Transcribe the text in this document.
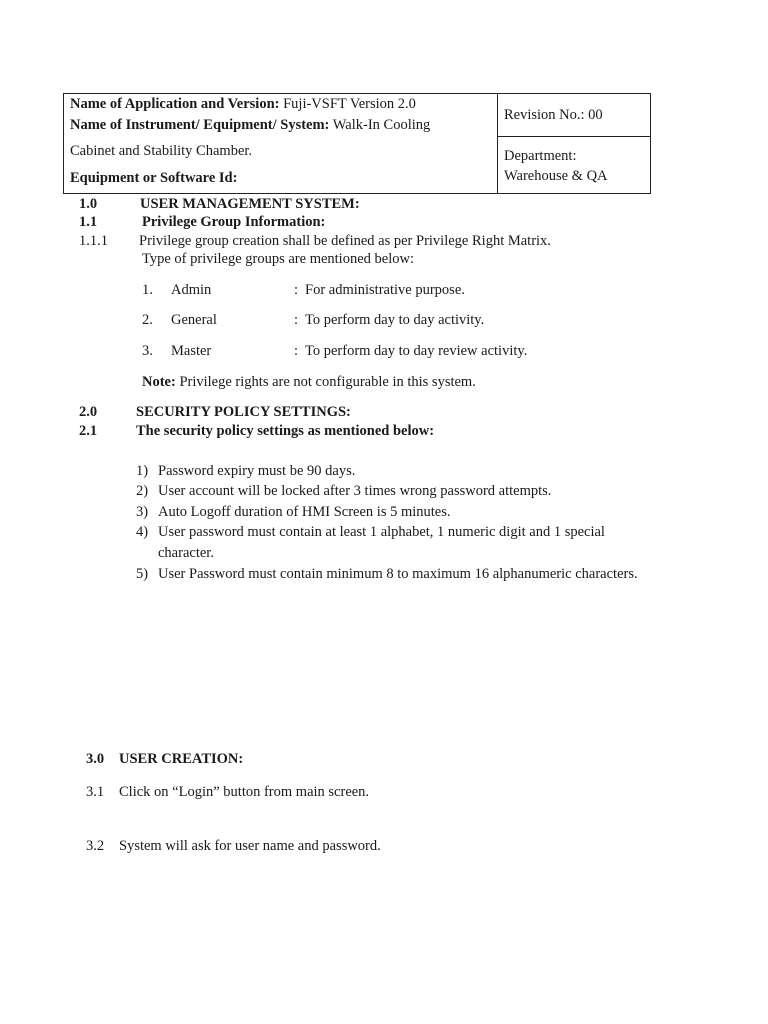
Name of Application and Version: Fuji-VSFT Version 2.0
Name of Instrument/ Equipment/ System: Walk-In Cooling
Cabinet and Stability Chamber.
Equipment or Software Id:
Revision No.: 00
Department:
Warehouse & QA
1.0	USER MANAGEMENT SYSTEM:
1.1	Privilege Group Information:
1.1.1 Privilege group creation shall be defined as per Privilege Right Matrix.
Type of privilege groups are mentioned below:
1. Admin	: For administrative purpose.
2. General	: To perform day to day activity.
3. Master	: To perform day to day review activity.
Note: Privilege rights are not configurable in this system.
2.0	SECURITY POLICY SETTINGS:
2.1	The security policy settings as mentioned below:
1) Password expiry must be 90 days.
2) User account will be locked after 3 times wrong password attempts.
3) Auto Logoff duration of HMI Screen is 5 minutes.
4) User password must contain at least 1 alphabet, 1 numeric digit and 1 special
character.
5) User Password must contain minimum 8 to maximum 16 alphanumeric characters.
3.0 USER CREATION:
3.1 Click on “Login” button from main screen.
3.2 System will ask for user name and password.
